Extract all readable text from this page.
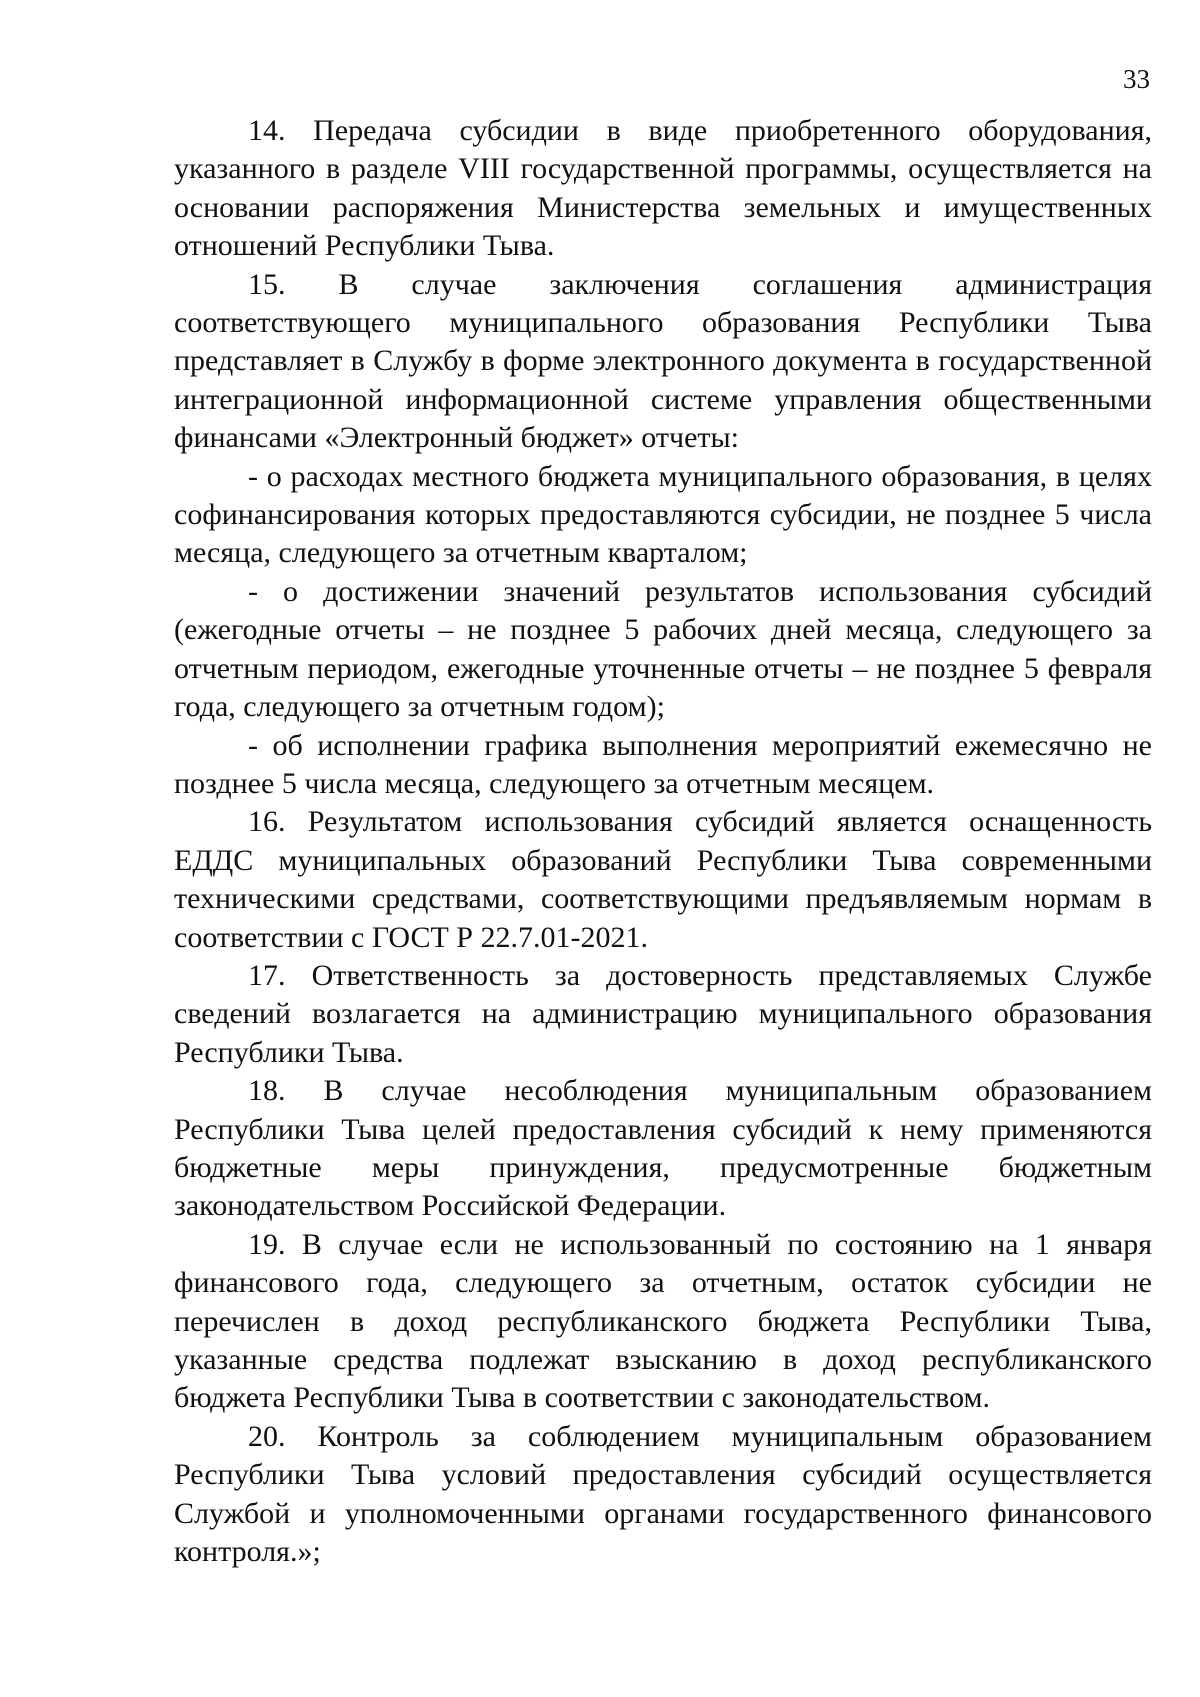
33

14. Передача субсидии в виде приобретенного оборудования, указанного в разделе VIII государственной программы, осуществляется на основании распоряжения Министерства земельных и имущественных отношений Республики Тыва.

15. В случае заключения соглашения администрация соответствующего муниципального образования Республики Тыва представляет в Службу в форме электронного документа в государственной интеграционной информационной системе управления общественными финансами «Электронный бюджет» отчеты:

- о расходах местного бюджета муниципального образования, в целях софинансирования которых предоставляются субсидии, не позднее 5 числа месяца, следующего за отчетным кварталом;

- о достижении значений результатов использования субсидий (ежегодные отчеты – не позднее 5 рабочих дней месяца, следующего за отчетным периодом, ежегодные уточненные отчеты – не позднее 5 февраля года, следующего за отчетным годом);

- об исполнении графика выполнения мероприятий ежемесячно не позднее 5 числа месяца, следующего за отчетным месяцем.

16. Результатом использования субсидий является оснащенность ЕДДС муниципальных образований Республики Тыва современными техническими средствами, соответствующими предъявляемым нормам в соответствии с ГОСТ Р 22.7.01-2021.

17. Ответственность за достоверность представляемых Службе сведений возлагается на администрацию муниципального образования Республики Тыва.

18. В случае несоблюдения муниципальным образованием Республики Тыва целей предоставления субсидий к нему применяются бюджетные меры принуждения, предусмотренные бюджетным законодательством Российской Федерации.

19. В случае если не использованный по состоянию на 1 января финансового года, следующего за отчетным, остаток субсидии не перечислен в доход республиканского бюджета Республики Тыва, указанные средства подлежат взысканию в доход республиканского бюджета Республики Тыва в соответствии с законодательством.

20. Контроль за соблюдением муниципальным образованием Республики Тыва условий предоставления субсидий осуществляется Службой и уполномоченными органами государственного финансового контроля.»;
